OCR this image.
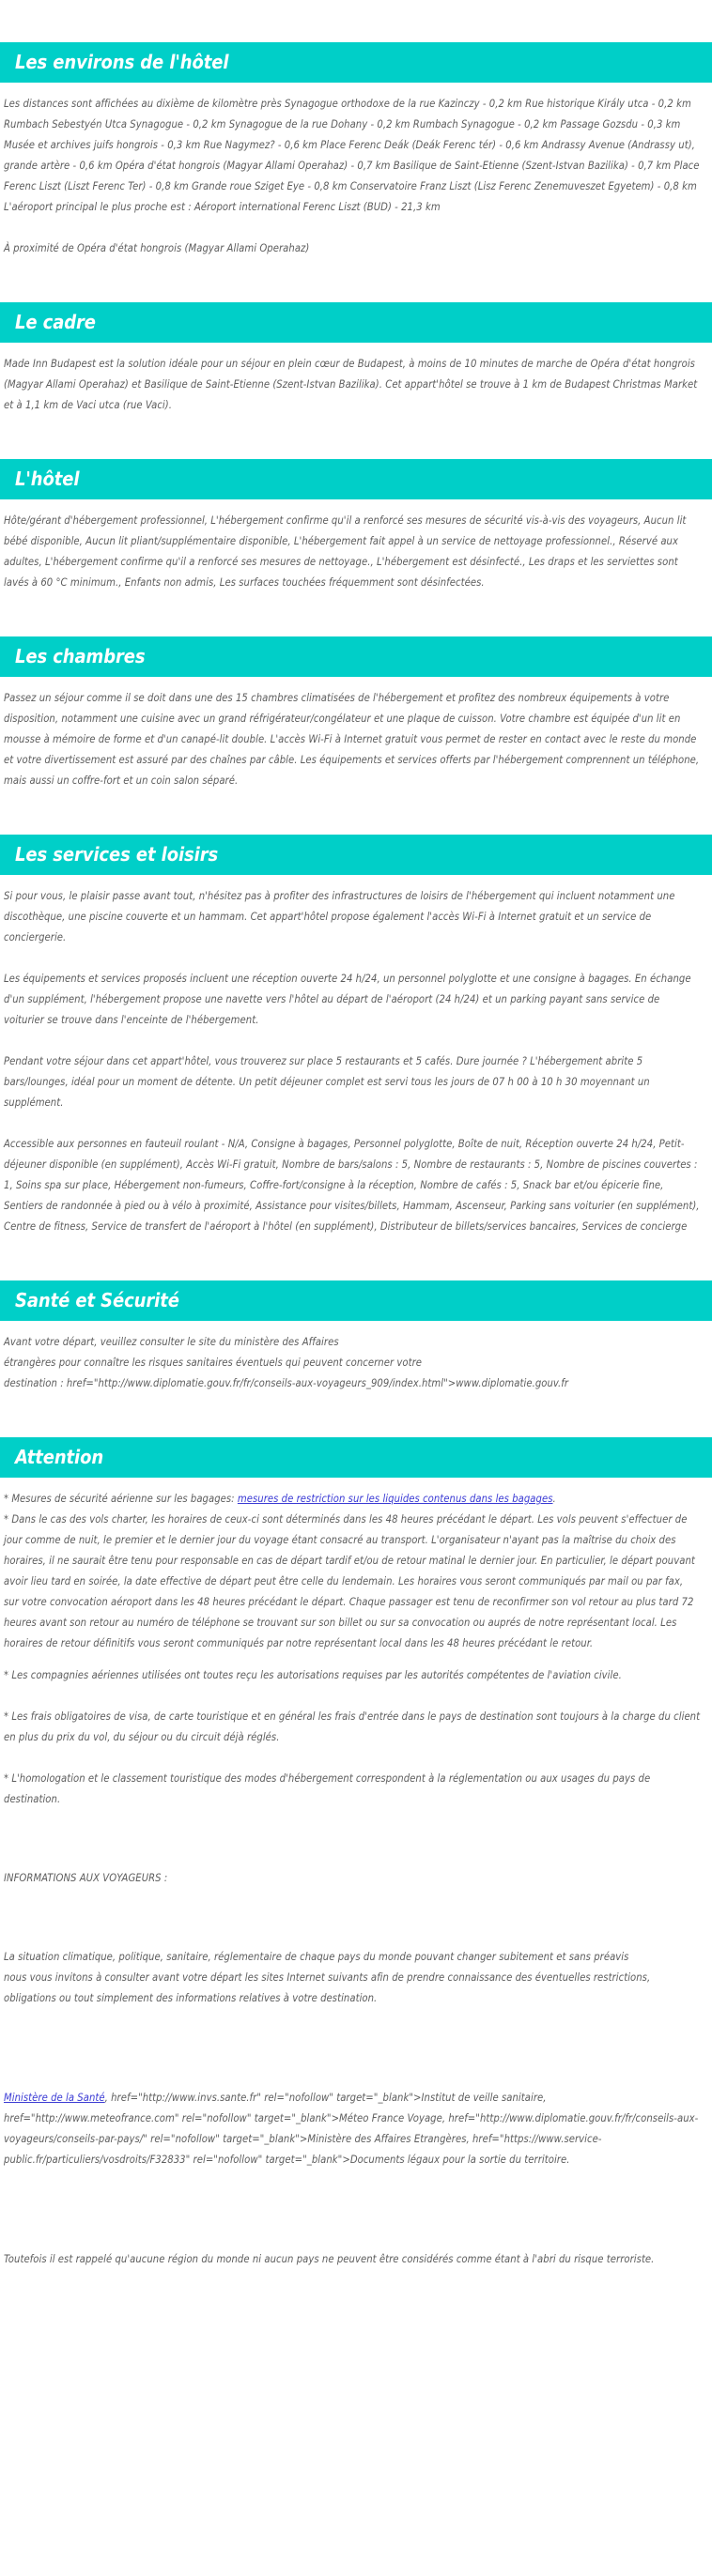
Les environs de l'hôtel

Les distances sont affichées au dixième de kilomètre près Synagogue orthodoxe de la rue Kazinczy - 0,2 km Rue historique Király utca - 0,2 km Rumbach Sebestyén Utca Synagogue - 0,2 km Synagogue de la rue Dohany - 0,2 km Rumbach Synagogue - 0,2 km Passage Gozsdu - 0,3 km Musée et archives juifs hongrois - 0,3 km Rue Nagymez? - 0,6 km Place Ferenc Deák (Deák Ferenc tér) - 0,6 km Andrassy Avenue (Andrassy ut), grande artère - 0,6 km Opéra d'état hongrois (Magyar Allami Operahaz) - 0,7 km Basilique de Saint-Etienne (Szent-Istvan Bazilika) - 0,7 km Place Ferenc Liszt (Liszt Ferenc Ter) - 0,8 km Grande roue Sziget Eye - 0,8 km Conservatoire Franz Liszt (Lisz Ferenc Zenemuveszet Egyetem) - 0,8 km L'aéroport principal le plus proche est : Aéroport international Ferenc Liszt (BUD) - 21,3 km

À proximité de Opéra d'état hongrois (Magyar Allami Operahaz)

Le cadre

Made Inn Budapest est la solution idéale pour un séjour en plein cœur de Budapest, à moins de 10 minutes de marche de Opéra d'état hongrois (Magyar Allami Operahaz) et Basilique de Saint-Etienne (Szent-Istvan Bazilika). Cet appart'hôtel se trouve à 1 km de Budapest Christmas Market et à 1,1 km de Vaci utca (rue Vaci).

L'hôtel

Hôte/gérant d'hébergement professionnel, L'hébergement confirme qu'il a renforcé ses mesures de sécurité vis-à-vis des voyageurs, Aucun lit bébé disponible, Aucun lit pliant/supplémentaire disponible, L'hébergement fait appel à un service de nettoyage professionnel., Réservé aux adultes, L'hébergement confirme qu'il a renforcé ses mesures de nettoyage., L'hébergement est désinfecté., Les draps et les serviettes sont lavés à 60 °C minimum., Enfants non admis, Les surfaces touchées fréquemment sont désinfectées.

Les chambres

Passez un séjour comme il se doit dans une des 15 chambres climatisées de l'hébergement et profitez des nombreux équipements à votre disposition, notamment une cuisine avec un grand réfrigérateur/congélateur et une plaque de cuisson. Votre chambre est équipée d'un lit en mousse à mémoire de forme et d'un canapé-lit double. L'accès Wi-Fi à Internet gratuit vous permet de rester en contact avec le reste du monde et votre divertissement est assuré par des chaînes par câble. Les équipements et services offerts par l'hébergement comprennent un téléphone, mais aussi un coffre-fort et un coin salon séparé.

Les services et loisirs

Si pour vous, le plaisir passe avant tout, n'hésitez pas à profiter des infrastructures de loisirs de l'hébergement qui incluent notamment une discothèque, une piscine couverte et un hammam. Cet appart'hôtel propose également l'accès Wi-Fi à Internet gratuit et un service de conciergerie.

Les équipements et services proposés incluent une réception ouverte 24 h/24, un personnel polyglotte et une consigne à bagages. En échange d'un supplément, l'hébergement propose une navette vers l'hôtel au départ de l'aéroport (24 h/24) et un parking payant sans service de voiturier se trouve dans l'enceinte de l'hébergement.

Pendant votre séjour dans cet appart'hôtel, vous trouverez sur place 5 restaurants et 5 cafés. Dure journée ? L'hébergement abrite 5 bars/lounges, idéal pour un moment de détente. Un petit déjeuner complet est servi tous les jours de 07 h 00 à 10 h 30 moyennant un supplément.

Accessible aux personnes en fauteuil roulant - N/A, Consigne à bagages, Personnel polyglotte, Boîte de nuit, Réception ouverte 24 h/24, Petit-déjeuner disponible (en supplément), Accès Wi-Fi gratuit, Nombre de bars/salons : 5, Nombre de restaurants : 5, Nombre de piscines couvertes : 1, Soins spa sur place, Hébergement non-fumeurs, Coffre-fort/consigne à la réception, Nombre de cafés : 5, Snack bar et/ou épicerie fine, Sentiers de randonnée à pied ou à vélo à proximité, Assistance pour visites/billets, Hammam, Ascenseur, Parking sans voiturier (en supplément), Centre de fitness, Service de transfert de l'aéroport à l'hôtel (en supplément), Distributeur de billets/services bancaires, Services de concierge

Santé et Sécurité

Avant votre départ, veuillez consulter le site du ministère des Affaires

étrangères pour connaître les risques sanitaires éventuels qui peuvent concerner votre

destination : href="http://www.diplomatie.gouv.fr/fr/conseils-aux-voyageurs_909/index.html">www.diplomatie.gouv.fr

Attention

* Mesures de sécurité aérienne sur les bagages: mesures de restriction sur les liquides contenus dans les bagages.

* Dans le cas des vols charter, les horaires de ceux-ci sont déterminés dans les 48 heures précédant le départ. Les vols peuvent s'effectuer de jour comme de nuit, le premier et le dernier jour du voyage étant consacré au transport. L'organisateur n'ayant pas la maîtrise du choix des horaires, il ne saurait être tenu pour responsable en cas de départ tardif et/ou de retour matinal le dernier jour. En particulier, le départ pouvant avoir lieu tard en soirée, la date effective de départ peut être celle du lendemain. Les horaires vous seront communiqués par mail ou par fax, sur votre convocation aéroport dans les 48 heures précédant le départ. Chaque passager est tenu de reconfirmer son vol retour au plus tard 72 heures avant son retour au numéro de téléphone se trouvant sur son billet ou sur sa convocation ou auprés de notre représentant local. Les horaires de retour définitifs vous seront communiqués par notre représentant local dans les 48 heures précédant le retour.

* Les compagnies aériennes utilisées ont toutes reçu les autorisations requises par les autorités compétentes de l'aviation civile.

* Les frais obligatoires de visa, de carte touristique et en général les frais d'entrée dans le pays de destination sont toujours à la charge du client en plus du prix du vol, du séjour ou du circuit déjà réglés.

* L'homologation et le classement touristique des modes d'hébergement correspondent à la réglementation ou aux usages du pays de destination.

INFORMATIONS AUX VOYAGEURS :

La situation climatique, politique, sanitaire, réglementaire de chaque pays du monde pouvant changer subitement et sans préavis

nous vous invitons à consulter avant votre départ les sites Internet suivants afin de prendre connaissance des éventuelles restrictions, obligations ou tout simplement des informations relatives à votre destination.

Ministère de la Santé, href="http://www.invs.sante.fr" rel="nofollow" target="_blank">Institut de veille sanitaire, href="http://www.meteofrance.com" rel="nofollow" target="_blank">Méteo France Voyage, href="http://www.diplomatie.gouv.fr/fr/conseils-aux-voyageurs/conseils-par-pays/" rel="nofollow" target="_blank">Ministère des Affaires Etrangères, href="https://www.service-public.fr/particuliers/vosdroits/F32833" rel="nofollow" target="_blank">Documents légaux pour la sortie du territoire.

Toutefois il est rappelé qu'aucune région du monde ni aucun pays ne peuvent être considérés comme étant à l'abri du risque terroriste.
